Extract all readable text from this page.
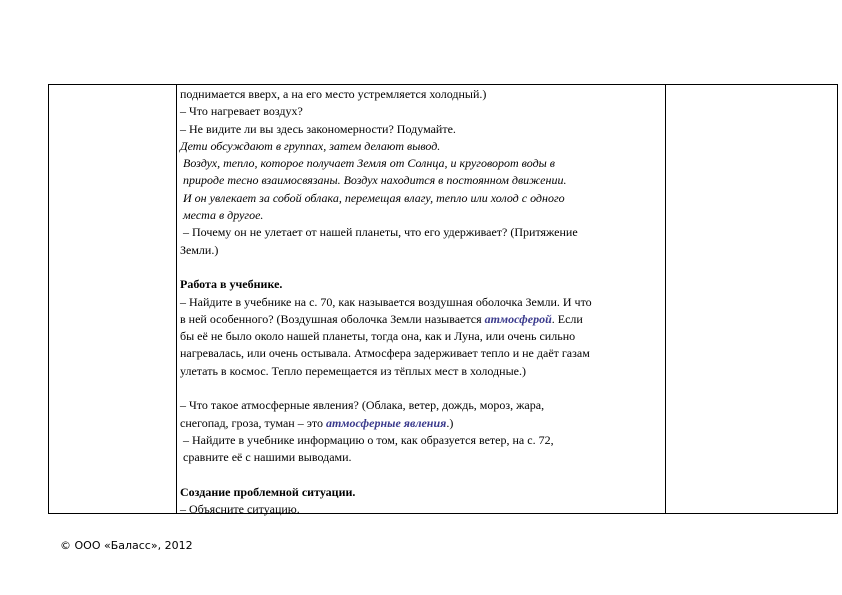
поднимается вверх, а на его место устремляется холодный.)
– Что нагревает воздух?
– Не видите ли вы здесь закономерности? Подумайте.
Дети обсуждают в группах, затем делают вывод.
Воздух, тепло, которое получает Земля от Солнца, и круговорот воды в
природе тесно взаимосвязаны. Воздух находится в постоянном движении.
И он увлекает за собой облака, перемещая влагу, тепло или холод с одного
места в другое.
– Почему он не улетает от нашей планеты, что его удерживает? (Притяжение
Земли.)
Работа в учебнике.
– Найдите в учебнике на с. 70, как называется воздушная оболочка Земли. И что
в ней особенного? (Воздушная оболочка Земли называется атмосферой. Если
бы её не было около нашей планеты, тогда она, как и Луна, или очень сильно
нагревалась, или очень остывала. Атмосфера задерживает тепло и не даёт газам
улетать в космос. Тепло перемещается из тёплых мест в холодные.)
– Что такое атмосферные явления? (Облака, ветер, дождь, мороз, жара,
снегопад, гроза, туман – это атмосферные явления.)
– Найдите в учебнике информацию о том, как образуется ветер, на с. 72,
сравните её с нашими выводами.
Создание проблемной ситуации.
– Объясните ситуацию.
© ООО «Баласс», 2012
